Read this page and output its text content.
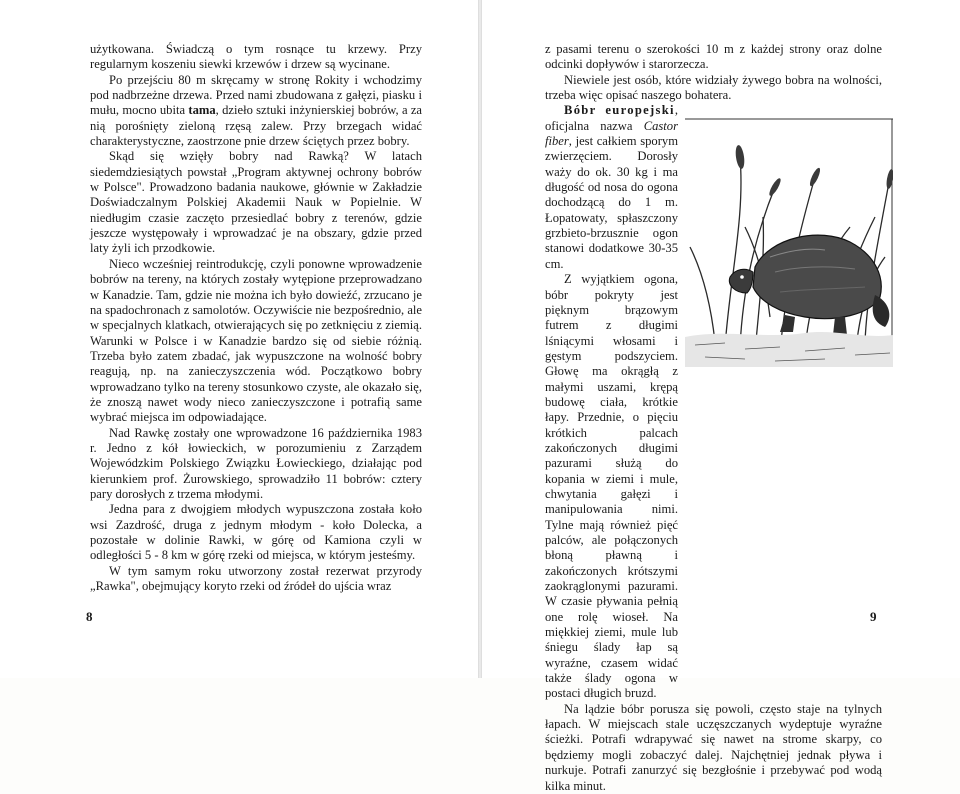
użytkowana. Świadczą o tym rosnące tu krzewy. Przy regularnym koszeniu siewki krzewów i drzew są wycinane.

Po przejściu 80 m skręcamy w stronę Rokity i wchodzimy pod nadbrzeżne drzewa. Przed nami zbudowana z gałęzi, piasku i mułu, mocno ubita tama, dzieło sztuki inżynierskiej bobrów, a za nią porośnięty zieloną rzęsą zalew. Przy brzegach widać charakterystyczne, zaostrzone pnie drzew ściętych przez bobry.

Skąd się wzięły bobry nad Rawką? W latach siedemdziesiątych powstał „Program aktywnej ochrony bobrów w Polsce". Prowadzono badania naukowe, głównie w Zakładzie Doświadczalnym Polskiej Akademii Nauk w Popielnie. W niedługim czasie zaczęto przesiedlać bobry z terenów, gdzie jeszcze występowały i wprowadzać je na obszary, gdzie przed laty żyli ich przodkowie.

Nieco wcześniej reintrodukcję, czyli ponowne wprowadzenie bobrów na tereny, na których zostały wytępione przeprowadzano w Kanadzie. Tam, gdzie nie można ich było dowieźć, zrzucano je na spadochronach z samolotów. Oczywiście nie bezpośrednio, ale w specjalnych klatkach, otwierających się po zetknięciu z ziemią. Warunki w Polsce i w Kanadzie bardzo się od siebie różnią. Trzeba było zatem zbadać, jak wypuszczone na wolność bobry reagują, np. na zanieczyszczenia wód. Początkowo bobry wprowadzano tylko na tereny stosunkowo czyste, ale okazało się, że znoszą nawet wody nieco zanieczyszczone i potrafią same wybrać miejsca im odpowiadające.

Nad Rawkę zostały one wprowadzone 16 października 1983 r. Jedno z kół łowieckich, w porozumieniu z Zarządem Wojewódzkim Polskiego Związku Łowieckiego, działając pod kierunkiem prof. Żurowskiego, sprowadziło 11 bobrów: cztery pary dorosłych z trzema młodymi.

Jedna para z dwojgiem młodych wypuszczona została koło wsi Zazdrość, druga z jednym młodym - koło Dolecka, a pozostałe w dolinie Rawki, w górę od Kamiona czyli w odległości 5 - 8 km w górę rzeki od miejsca, w którym jesteśmy.

W tym samym roku utworzony został rezerwat przyrody „Rawka", obejmujący koryto rzeki od źródeł do ujścia wraz

8

z pasami terenu o szerokości 10 m z każdej strony oraz dolne odcinki dopływów i starorzecza.

Niewiele jest osób, które widziały żywego bobra na wolności, trzeba więc opisać naszego bohatera.

Bóbr europejski, oficjalna nazwa Castor fiber, jest całkiem sporym zwierzęciem. Dorosły waży do ok. 30 kg i ma długość od nosa do ogona dochodzącą do 1 m. Łopatowaty, spłaszczony grzbieto-brzusznie ogon stanowi dodatkowe 30-35 cm.

Z wyjątkiem ogona, bóbr pokryty jest pięknym brązowym futrem z długimi lśniącymi włosami i gęstym podszyciem. Głowę ma okrągłą z małymi uszami, krępą budowę ciała, krótkie łapy. Przednie, o pięciu krótkich palcach zakończonych długimi pazurami służą do kopania w ziemi i mule, chwytania gałęzi i manipulowania nimi. Tylne mają również pięć palców, ale połączonych błoną pławną i zakończonych krótszymi zaokrąglonymi pazurami. W czasie pływania pełnią one rolę wioseł. Na miękkiej ziemi, mule lub śniegu ślady łap są wyraźne, czasem widać także ślady ogona w postaci długich bruzd.

Na lądzie bóbr porusza się powoli, często staje na tylnych łapach. W miejscach stale uczęszczanych wydeptuje wyraźne ścieżki. Potrafi wdrapywać się nawet na strome skarpy, co będziemy mogli zobaczyć dalej. Najchętniej jednak pływa i nurkuje. Potrafi zanurzyć się bezgłośnie i przebywać pod wodą kilka minut.

9
